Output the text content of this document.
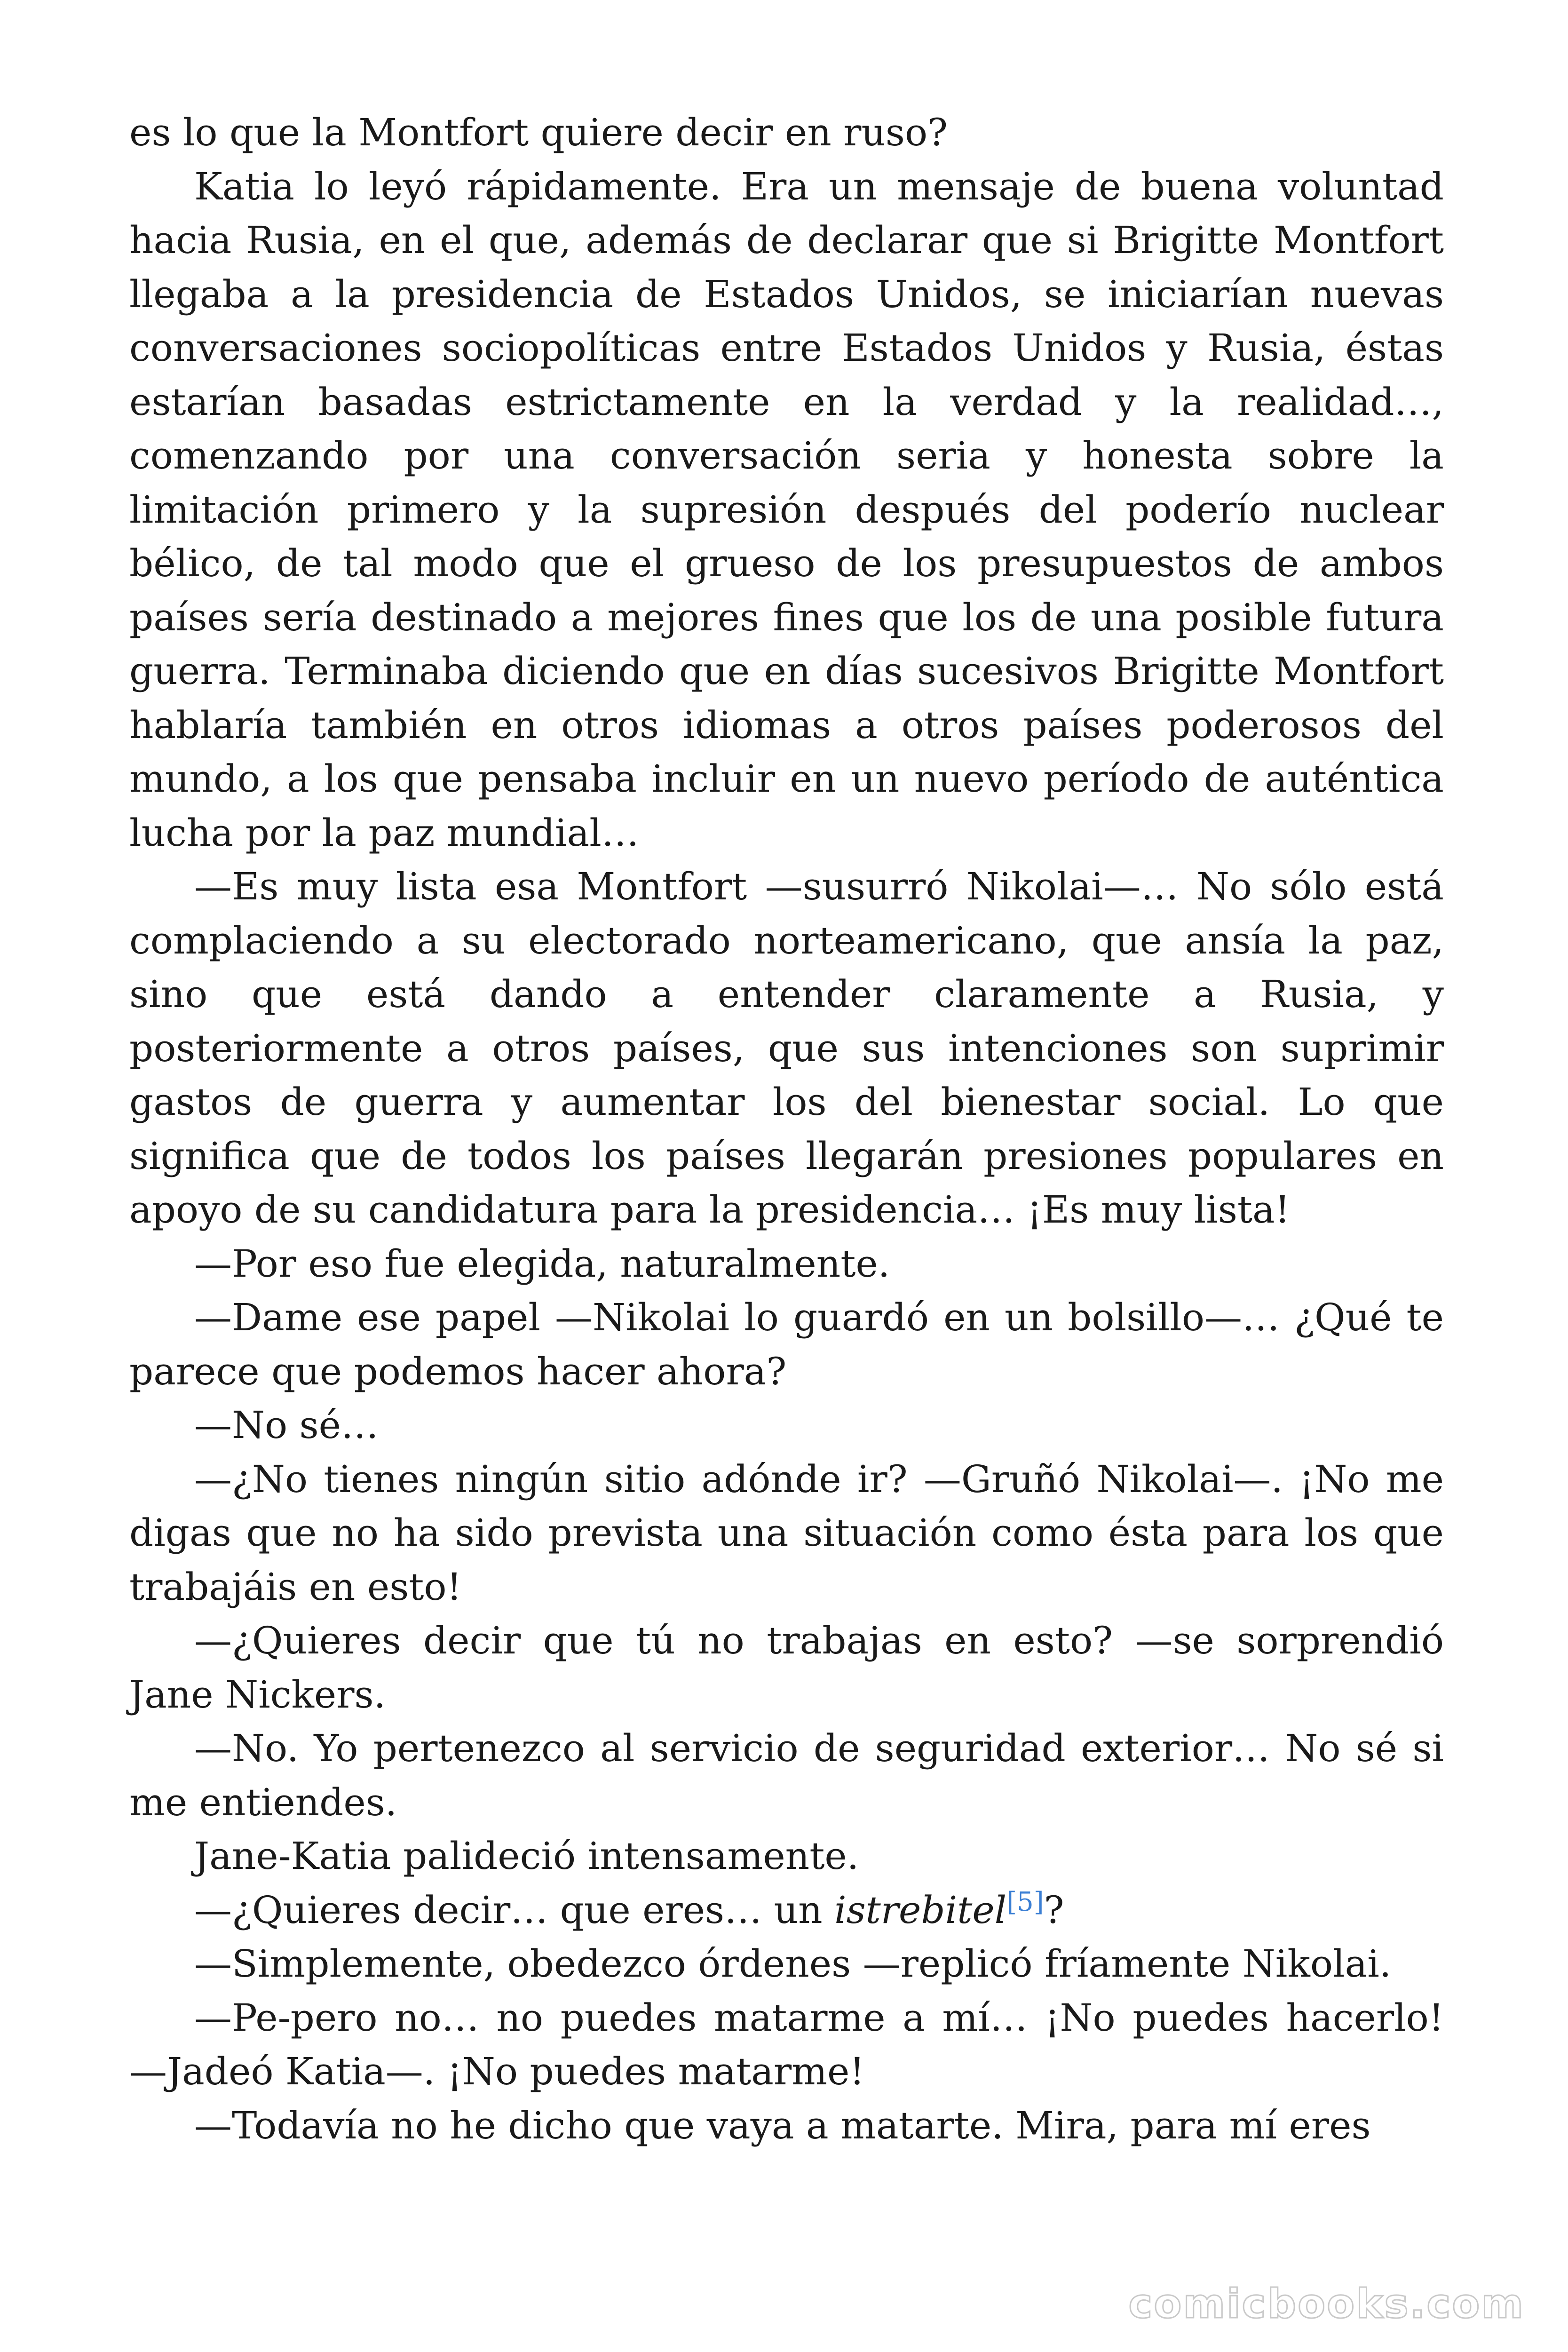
es lo que la Montfort quiere decir en ruso?

Katia lo leyó rápidamente. Era un mensaje de buena voluntad hacia Rusia, en el que, además de declarar que si Brigitte Montfort llegaba a la presidencia de Estados Unidos, se iniciarían nuevas conversaciones sociopolíticas entre Estados Unidos y Rusia, éstas estarían basadas estrictamente en la verdad y la realidad…, comenzando por una conversación seria y honesta sobre la limitación primero y la supresión después del poderío nuclear bélico, de tal modo que el grueso de los presupuestos de ambos países sería destinado a mejores fines que los de una posible futura guerra. Terminaba diciendo que en días sucesivos Brigitte Montfort hablaría también en otros idiomas a otros países poderosos del mundo, a los que pensaba incluir en un nuevo período de auténtica lucha por la paz mundial…

—Es muy lista esa Montfort —susurró Nikolai—… No sólo está complaciendo a su electorado norteamericano, que ansía la paz, sino que está dando a entender claramente a Rusia, y posteriormente a otros países, que sus intenciones son suprimir gastos de guerra y aumentar los del bienestar social. Lo que significa que de todos los países llegarán presiones populares en apoyo de su candidatura para la presidencia… ¡Es muy lista!

—Por eso fue elegida, naturalmente.

—Dame ese papel —Nikolai lo guardó en un bolsillo—… ¿Qué te parece que podemos hacer ahora?

—No sé…

—¿No tienes ningún sitio adónde ir? —Gruñó Nikolai—. ¡No me digas que no ha sido prevista una situación como ésta para los que trabajáis en esto!

—¿Quieres decir que tú no trabajas en esto? —se sorprendió Jane Nickers.

—No. Yo pertenezco al servicio de seguridad exterior… No sé si me entiendes.

Jane-Katia palideció intensamente.

—¿Quieres decir… que eres… un istrebitel[5]?

—Simplemente, obedezco órdenes —replicó fríamente Nikolai.

—Pe-pero no… no puedes matarme a mí… ¡No puedes hacerlo! —Jadeó Katia—. ¡No puedes matarme!

—Todavía no he dicho que vaya a matarte. Mira, para mí eres

comicbooks.com
